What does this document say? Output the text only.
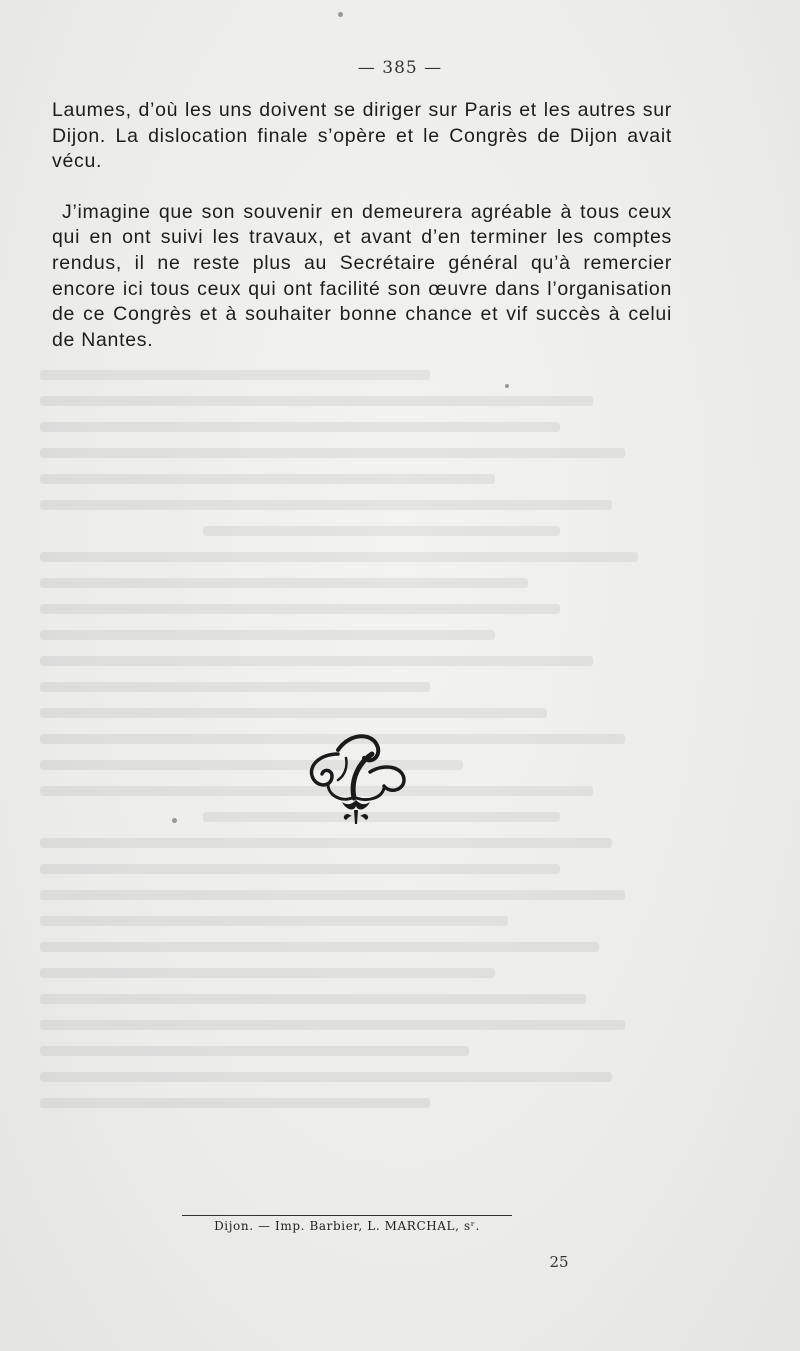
— 385 —

Laumes, d’où les uns doivent se diriger sur Paris et les autres sur Dijon. La dislocation finale s’opère et le Congrès de Dijon avait vécu.

J’imagine que son souvenir en demeurera agréable à tous ceux qui en ont suivi les travaux, et avant d’en terminer les comptes rendus, il ne reste plus au Secrétaire général qu’à remercier encore ici tous ceux qui ont facilité son œuvre dans l’organisation de ce Congrès et à souhaiter bonne chance et vif succès à celui de Nantes.

Dijon. — Imp. Barbier, L. MARCHAL, sʳ.
25
